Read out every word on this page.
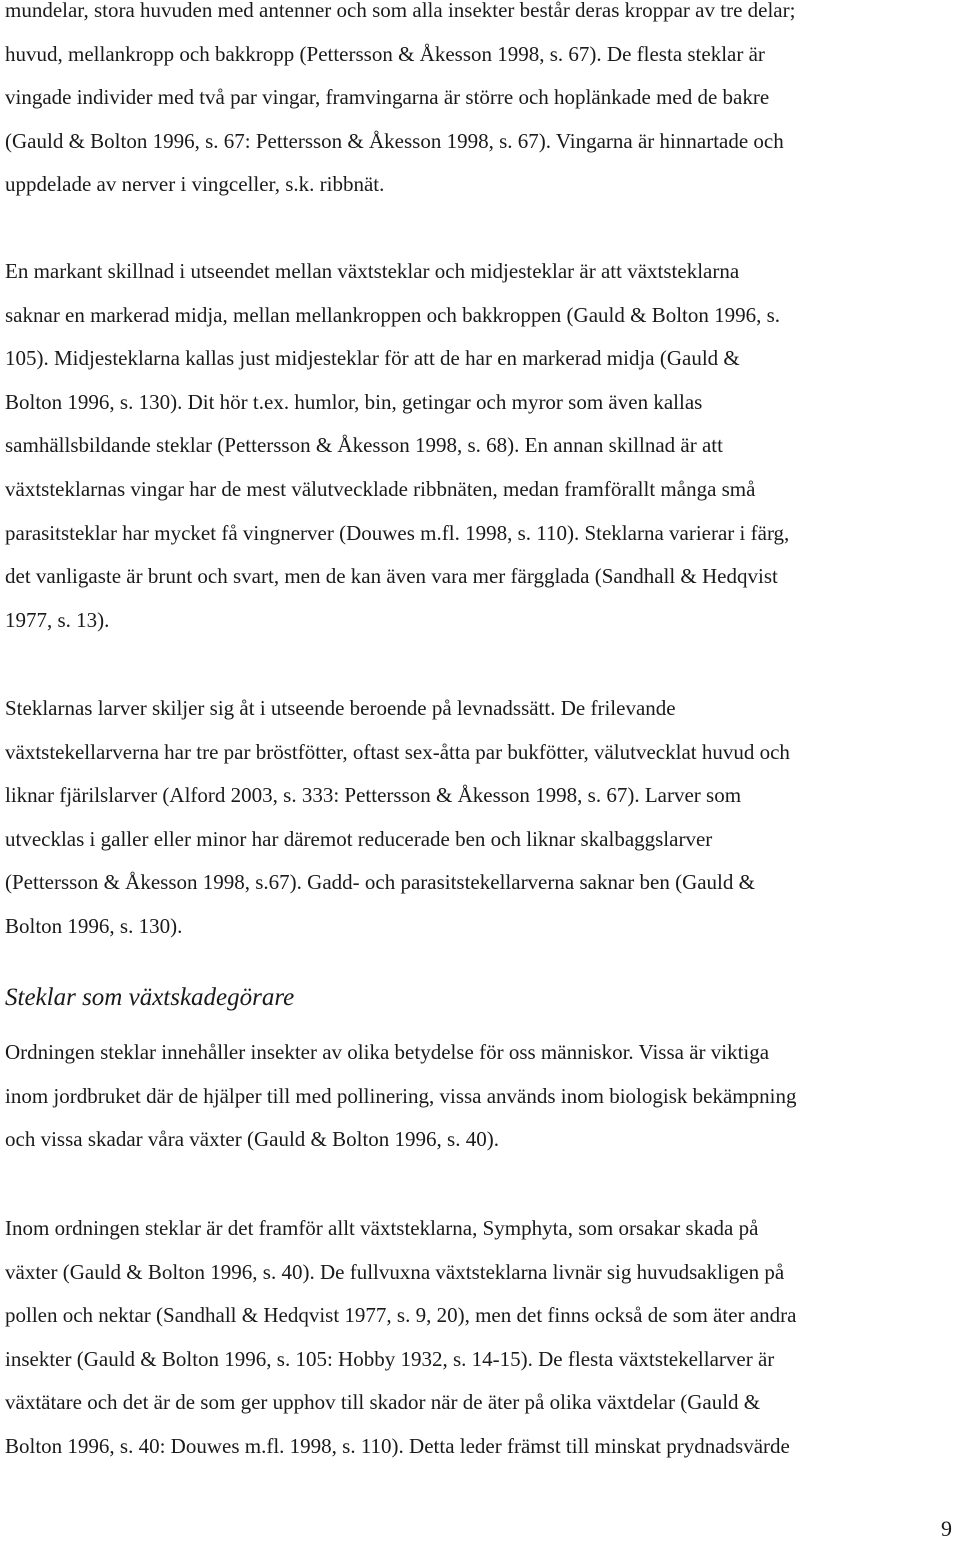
mundelar, stora huvuden med antenner och som alla insekter består deras kroppar av tre delar;
huvud, mellankropp och bakkropp (Pettersson & Åkesson 1998, s. 67). De flesta steklar är
vingade individer med två par vingar, framvingarna är större och hoplänkade med de bakre
(Gauld & Bolton 1996, s. 67: Pettersson & Åkesson 1998, s. 67). Vingarna är hinnartade och
uppdelade av nerver i vingceller, s.k. ribbnät.

En markant skillnad i utseendet mellan växtsteklar och midjesteklar är att växtsteklarna
saknar en markerad midja, mellan mellankroppen och bakkroppen (Gauld & Bolton 1996, s.
105). Midjesteklarna kallas just midjesteklar för att de har en markerad midja (Gauld &
Bolton 1996, s. 130). Dit hör t.ex. humlor, bin, getingar och myror som även kallas
samhällsbildande steklar (Pettersson & Åkesson 1998, s. 68). En annan skillnad är att
växtsteklarnas vingar har de mest välutvecklade ribbnäten, medan framförallt många små
parasitsteklar har mycket få vingnerver (Douwes m.fl. 1998, s. 110). Steklarna varierar i färg,
det vanligaste är brunt och svart, men de kan även vara mer färgglada (Sandhall & Hedqvist
1977, s. 13).

Steklarnas larver skiljer sig åt i utseende beroende på levnadssätt. De frilevande
växtstekellarverna har tre par bröstfötter, oftast sex-åtta par bukfötter, välutvecklat huvud och
liknar fjärilslarver (Alford 2003, s. 333: Pettersson & Åkesson 1998, s. 67). Larver som
utvecklas i galler eller minor har däremot reducerade ben och liknar skalbaggslarver
(Pettersson & Åkesson 1998, s.67). Gadd- och parasitstekellarverna saknar ben (Gauld &
Bolton 1996, s. 130).

Steklar som växtskadegörare

Ordningen steklar innehåller insekter av olika betydelse för oss människor. Vissa är viktiga
inom jordbruket där de hjälper till med pollinering, vissa används inom biologisk bekämpning
och vissa skadar våra växter (Gauld & Bolton 1996, s. 40).

Inom ordningen steklar är det framför allt växtsteklarna, Symphyta, som orsakar skada på
växter (Gauld & Bolton 1996, s. 40). De fullvuxna växtsteklarna livnär sig huvudsakligen på
pollen och nektar (Sandhall & Hedqvist 1977, s. 9, 20), men det finns också de som äter andra
insekter (Gauld & Bolton 1996, s. 105: Hobby 1932, s. 14-15). De flesta växtstekellarver är
växtätare och det är de som ger upphov till skador när de äter på olika växtdelar (Gauld &
Bolton 1996, s. 40: Douwes m.fl. 1998, s. 110). Detta leder främst till minskat prydnadsvärde

9
